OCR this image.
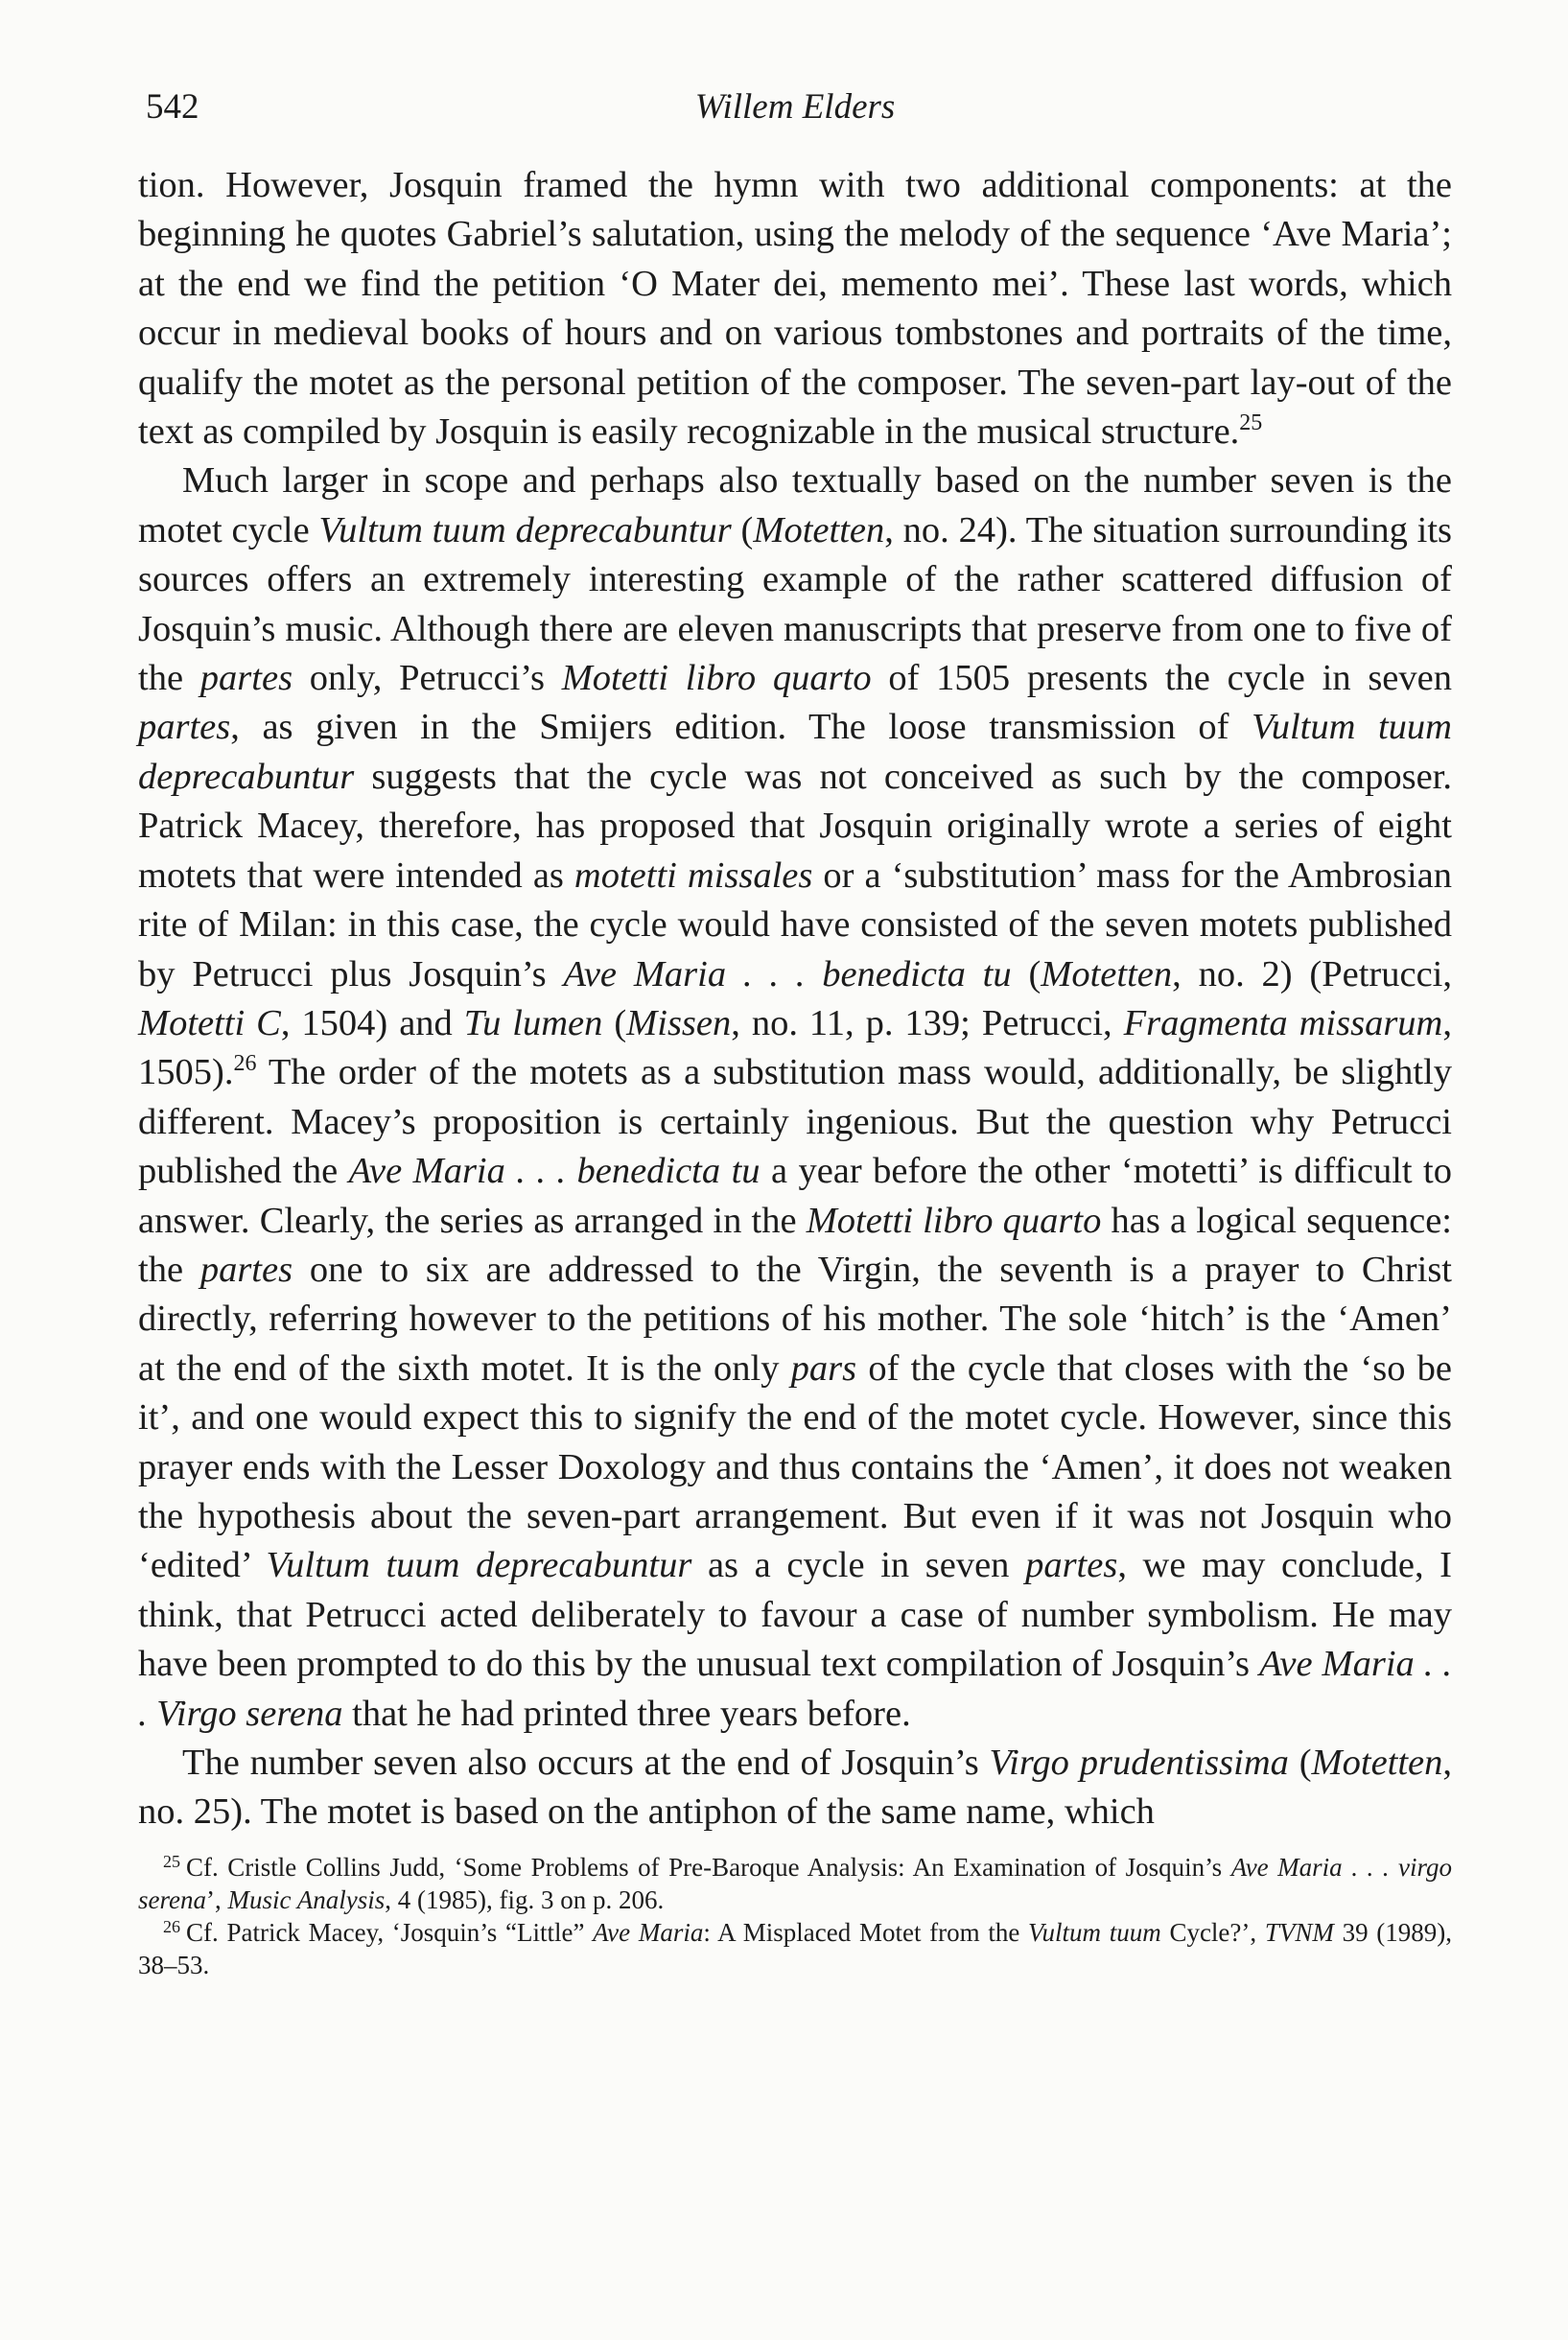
542	Willem Elders

tion. However, Josquin framed the hymn with two additional components: at the beginning he quotes Gabriel’s salutation, using the melody of the sequence ‘Ave Maria’; at the end we find the petition ‘O Mater dei, memento mei’. These last words, which occur in medieval books of hours and on various tombstones and portraits of the time, qualify the motet as the personal petition of the composer. The seven-part lay-out of the text as compiled by Josquin is easily recognizable in the musical structure.$^{25}$

Much larger in scope and perhaps also textually based on the number seven is the motet cycle Vultum tuum deprecabuntur (Motetten, no. 24). The situation surrounding its sources offers an extremely interesting example of the rather scattered diffusion of Josquin’s music. Although there are eleven manuscripts that preserve from one to five of the partes only, Petrucci’s Motetti libro quarto of 1505 presents the cycle in seven partes, as given in the Smijers edition. The loose transmission of Vultum tuum deprecabuntur suggests that the cycle was not conceived as such by the composer. Patrick Macey, therefore, has proposed that Josquin originally wrote a series of eight motets that were intended as motetti missales or a ‘substitution’ mass for the Ambrosian rite of Milan: in this case, the cycle would have consisted of the seven motets published by Petrucci plus Josquin’s Ave Maria . . . benedicta tu (Motetten, no. 2) (Petrucci, Motetti C, 1504) and Tu lumen (Missen, no. 11, p. 139; Petrucci, Fragmenta missarum, 1505).$^{26}$ The order of the motets as a substitution mass would, additionally, be slightly different. Macey’s proposition is certainly ingenious. But the question why Petrucci published the Ave Maria . . . benedicta tu a year before the other ‘motetti’ is difficult to answer. Clearly, the series as arranged in the Motetti libro quarto has a logical sequence: the partes one to six are addressed to the Virgin, the seventh is a prayer to Christ directly, referring however to the petitions of his mother. The sole ‘hitch’ is the ‘Amen’ at the end of the sixth motet. It is the only pars of the cycle that closes with the ‘so be it’, and one would expect this to signify the end of the motet cycle. However, since this prayer ends with the Lesser Doxology and thus contains the ‘Amen’, it does not weaken the hypothesis about the seven-part arrangement. But even if it was not Josquin who ‘edited’ Vultum tuum deprecabuntur as a cycle in seven partes, we may conclude, I think, that Petrucci acted deliberately to favour a case of number symbolism. He may have been prompted to do this by the unusual text compilation of Josquin’s Ave Maria . . . Virgo serena that he had printed three years before.

The number seven also occurs at the end of Josquin’s Virgo prudentissima (Motetten, no. 25). The motet is based on the antiphon of the same name, which

$^{25}$ Cf. Cristle Collins Judd, ‘Some Problems of Pre-Baroque Analysis: An Examination of Josquin’s Ave Maria . . . virgo serena’, Music Analysis, 4 (1985), fig. 3 on p. 206.

$^{26}$ Cf. Patrick Macey, ‘Josquin’s “Little” Ave Maria: A Misplaced Motet from the Vultum tuum Cycle?’, TVNM 39 (1989), 38–53.
